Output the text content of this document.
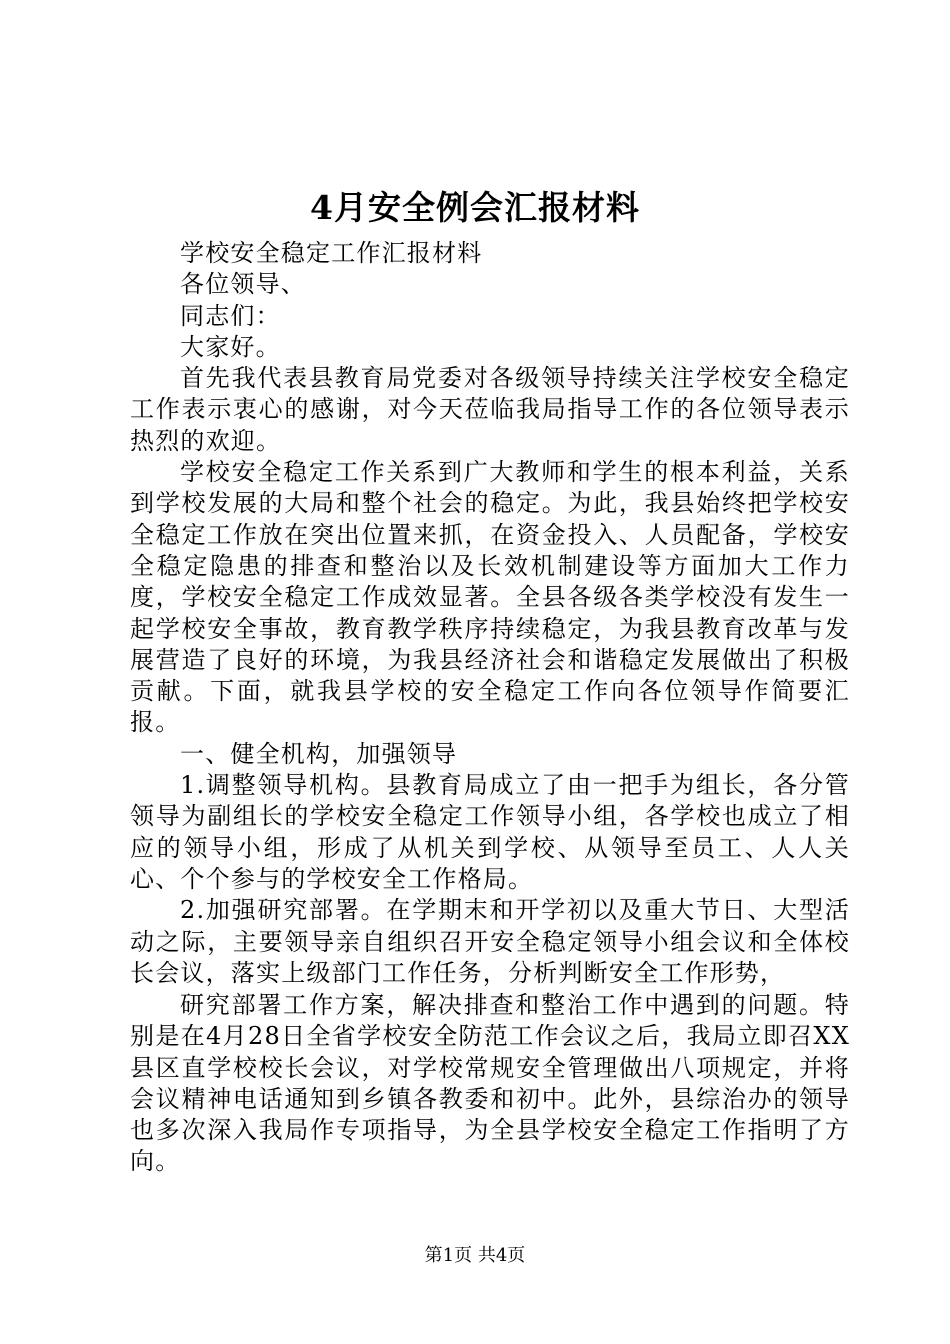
4月安全例会汇报材料

学校安全稳定工作汇报材料

各位领导、

同志们：

大家好。

首先我代表县教育局党委对各级领导持续关注学校安全稳定工作表示衷心的感谢，对今天莅临我局指导工作的各位领导表示热烈的欢迎。

学校安全稳定工作关系到广大教师和学生的根本利益，关系到学校发展的大局和整个社会的稳定。为此，我县始终把学校安全稳定工作放在突出位置来抓，在资金投入、人员配备，学校安全稳定隐患的排查和整治以及长效机制建设等方面加大工作力度，学校安全稳定工作成效显著。全县各级各类学校没有发生一起学校安全事故，教育教学秩序持续稳定，为我县教育改革与发展营造了良好的环境，为我县经济社会和谐稳定发展做出了积极贡献。下面，就我县学校的安全稳定工作向各位领导作简要汇报。

一、健全机构，加强领导

1.调整领导机构。县教育局成立了由一把手为组长，各分管领导为副组长的学校安全稳定工作领导小组，各学校也成立了相应的领导小组，形成了从机关到学校、从领导至员工、人人关心、个个参与的学校安全工作格局。

2.加强研究部署。在学期末和开学初以及重大节日、大型活动之际，主要领导亲自组织召开安全稳定领导小组会议和全体校长会议，落实上级部门工作任务，分析判断安全工作形势，

研究部署工作方案，解决排查和整治工作中遇到的问题。特别是在4月28日全省学校安全防范工作会议之后，我局立即召XX县区直学校校长会议，对学校常规安全管理做出八项规定，并将会议精神电话通知到乡镇各教委和初中。此外，县综治办的领导也多次深入我局作专项指导，为全县学校安全稳定工作指明了方向。

第1页 共4页
